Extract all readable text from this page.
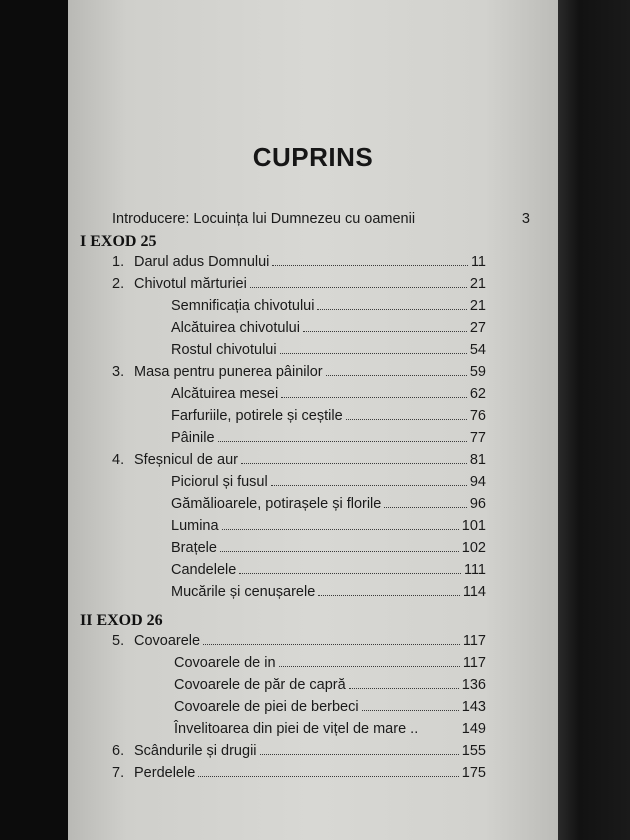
CUPRINS
Introducere: Locuința lui Dumnezeu cu oamenii	3
I EXOD 25
1. Darul adus Domnului	11
2. Chivotul mărturiei	21
Semnificația chivotului	21
Alcătuirea chivotului	27
Rostul chivotului	54
3. Masa pentru punerea pâinilor	59
Alcătuirea mesei	62
Farfuriile, potirele și ceștile	76
Pâinile	77
4. Sfeșnicul de aur	81
Piciorul și fusul	94
Gămălioarele, potirașele și florile	96
Lumina	101
Brațele	102
Candelele	111
Mucările și cenușarele	114
II EXOD 26
5. Covoarele	117
Covoarele de in	117
Covoarele de păr de capră	136
Covoarele de piei de berbeci	143
Învelitoarea din piei de vițel de mare ..	149
6. Scândurile și drugii	155
7. Perdelele	175
